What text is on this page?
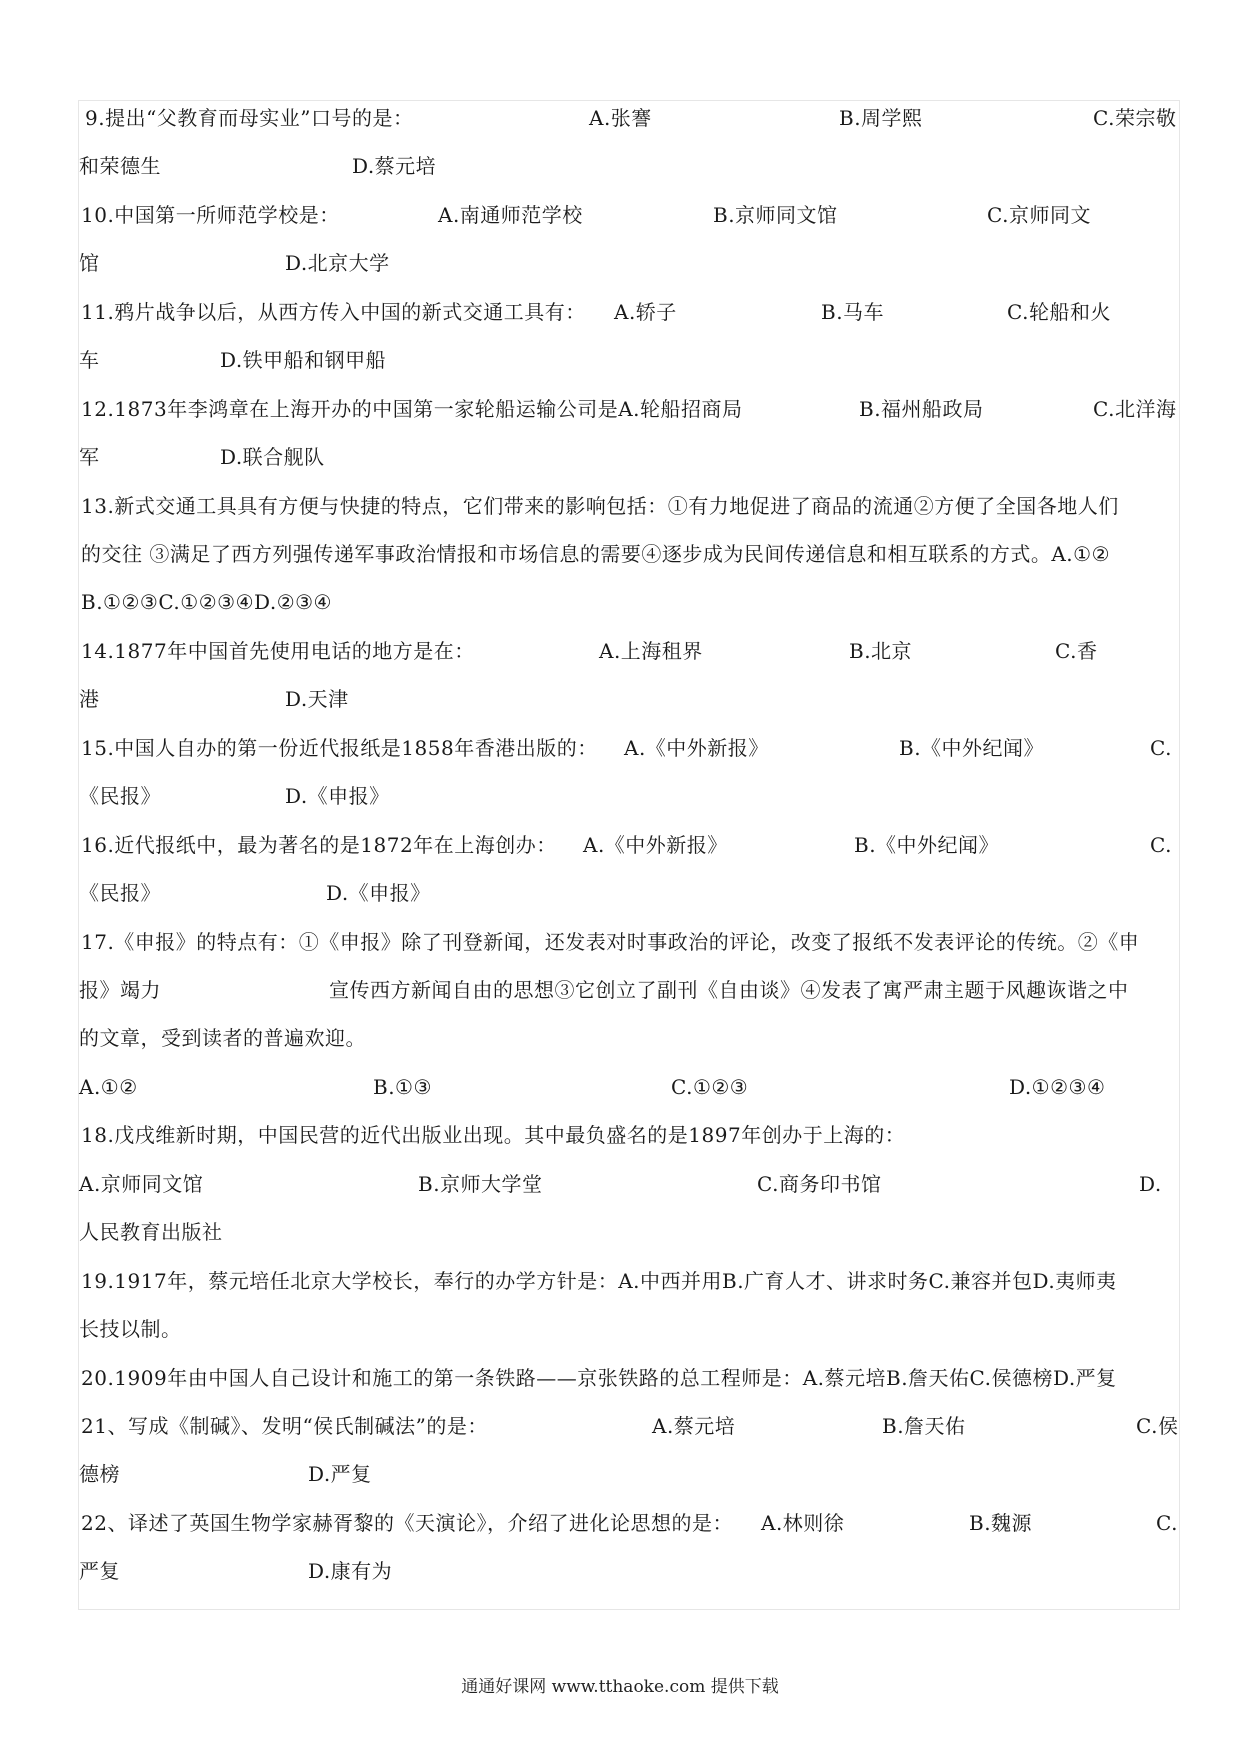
9.提出“父教育而母实业”口号的是：	A.张謇	B.周学熙	C.荣宗敬
和荣德生	D.蔡元培
10.中国第一所师范学校是：	A.南通师范学校	B.京师同文馆	C.京师同文
馆	D.北京大学
11.鸦片战争以后，从西方传入中国的新式交通工具有： A.轿子	B.马车	C.轮船和火
车	D.铁甲船和钢甲船
12.1873年李鸿章在上海开办的中国第一家轮船运输公司是A.轮船招商局	B.福州船政局	C.北洋海
军	D.联合舰队
13.新式交通工具具有方便与快捷的特点，它们带来的影响包括：①有力地促进了商品的流通②方便了全国各地人们
的交往 ③满足了西方列强传递军事政治情报和市场信息的需要④逐步成为民间传递信息和相互联系的方式。A.①②
B.①②③C.①②③④D.②③④
14.1877年中国首先使用电话的地方是在：	A.上海租界	B.北京	C.香
港	D.天津
15.中国人自办的第一份近代报纸是1858年香港出版的： A.《中外新报》	B.《中外纪闻》	C.
《民报》	D.《申报》
16.近代报纸中，最为著名的是1872年在上海创办： A.《中外新报》	B.《中外纪闻》	C.
《民报》	D.《申报》
17.《申报》的特点有：①《申报》除了刊登新闻，还发表对时事政治的评论，改变了报纸不发表评论的传统。②《申
报》竭力	宣传西方新闻自由的思想③它创立了副刊《自由谈》④发表了寓严肃主题于风趣诙谐之中
的文章，受到读者的普遍欢迎。
A.①②	B.①③	C.①②③	D.①②③④
18.戊戌维新时期，中国民营的近代出版业出现。其中最负盛名的是1897年创办于上海的：
A.京师同文馆	B.京师大学堂	C.商务印书馆	D.
人民教育出版社
19.1917年，蔡元培任北京大学校长，奉行的办学方针是：A.中西并用B.广育人才、讲求时务C.兼容并包D.夷师夷
长技以制。
20.1909年由中国人自己设计和施工的第一条铁路——京张铁路的总工程师是：A.蔡元培B.詹天佑C.侯德榜D.严复
21、写成《制碱》、发明“侯氏制碱法”的是：	A.蔡元培	B.詹天佑	C.侯
德榜	D.严复
22、译述了英国生物学家赫胥黎的《天演论》，介绍了进化论思想的是： A.林则徐	B.魏源	C.
严复	D.康有为
通通好课网 www.tthaoke.com 提供下载
